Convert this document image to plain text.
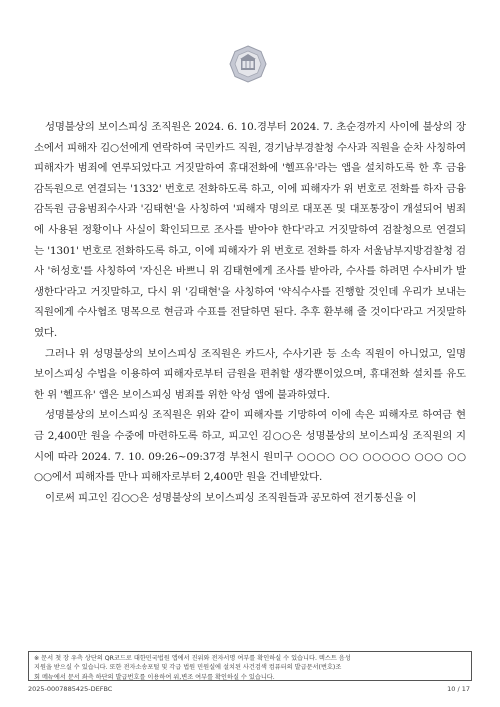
성명불상의 보이스피싱 조직원은 2024. 6. 10.경부터 2024. 7. 초순경까지 사이에 불상의 장소에서 피해자 김○선에게 연락하여 국민카드 직원, 경기남부경찰청 수사과 직원을 순차 사칭하여 피해자가 범죄에 연루되었다고 거짓말하여 휴대전화에 '헬프유'라는 앱을 설치하도록 한 후 금융감독원으로 연결되는 '1332' 번호로 전화하도록 하고, 이에 피해자가 위 번호로 전화를 하자 금융감독원 금융범죄수사과 '김태현'을 사칭하여 '피해자 명의로 대포폰 및 대포통장이 개설되어 범죄에 사용된 정황이나 사실이 확인되므로 조사를 받아야 한다'라고 거짓말하여 검찰청으로 연결되는 '1301' 번호로 전화하도록 하고, 이에 피해자가 위 번호로 전화를 하자 서울남부지방검찰청 검사 '허성호'를 사칭하여 '자신은 바쁘니 위 김태현에게 조사를 받아라, 수사를 하려면 수사비가 발생한다'라고 거짓말하고, 다시 위 '김태현'을 사칭하여 '약식수사를 진행할 것인데 우리가 보내는 직원에게 수사협조 명목으로 현금과 수표를 전달하면 된다. 추후 환부해 줄 것이다'라고 거짓말하였다.

그러나 위 성명불상의 보이스피싱 조직원은 카드사, 수사기관 등 소속 직원이 아니었고, 일명 보이스피싱 수법을 이용하여 피해자로부터 금원을 편취할 생각뿐이었으며, 휴대전화 설치를 유도한 위 '헬프유' 앱은 보이스피싱 범죄를 위한 악성 앱에 불과하였다.

성명불상의 보이스피싱 조직원은 위와 같이 피해자를 기망하여 이에 속은 피해자로 하여금 현금 2,400만 원을 수중에 마련하도록 하고, 피고인 김○○은 성명불상의 보이스피싱 조직원의 지시에 따라 2024. 7. 10. 09:26~09:37경 부천시 원미구 ○○○○ ○○ ○○○○○ ○○○ ○○ ○○에서 피해자를 만나 피해자로부터 2,400만 원을 건네받았다.

이로써 피고인 김○○은 성명불상의 보이스피싱 조직원들과 공모하여 전기통신을 이

※ 문서 첫 장 우측 상단의 QR코드로 대한민국법원 앱에서 진위와 전자서명 여부를 확인하실 수 있습니다. 텍스트 음성
지원을 받으실 수 있습니다. 또한 전자소송포털 및 각급 법원 민원실에 설치된 사건검색 컴퓨터의 발급문서(번호)조
회 메뉴에서 문서 좌측 하단의 발급번호를 이용하여 위,변조 여부를 확인하실 수 있습니다.
2025-0007885425-DEFBC	10 / 17
